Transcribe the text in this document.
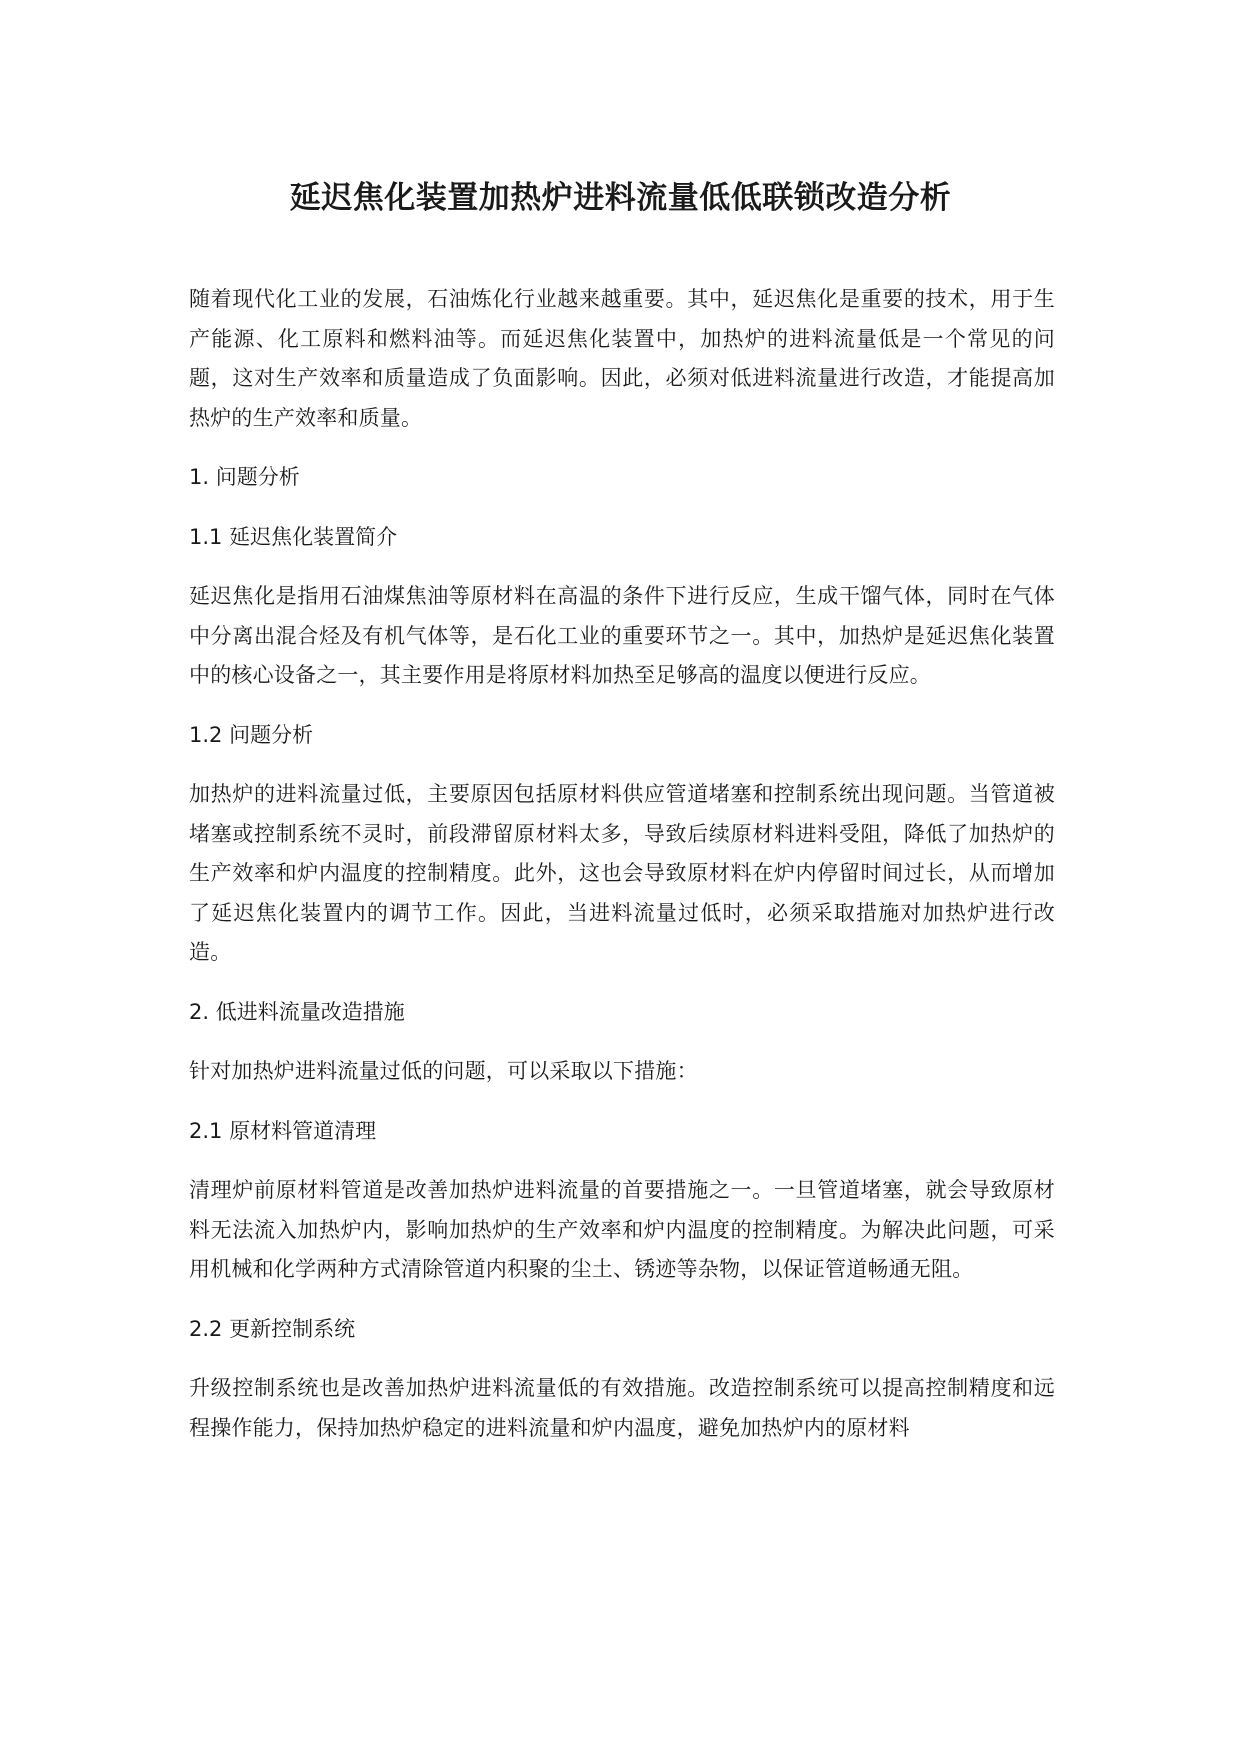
延迟焦化装置加热炉进料流量低低联锁改造分析

随着现代化工业的发展，石油炼化行业越来越重要。其中，延迟焦化是重要的技术，用于生产能源、化工原料和燃料油等。而延迟焦化装置中，加热炉的进料流量低是一个常见的问题，这对生产效率和质量造成了负面影响。因此，必须对低进料流量进行改造，才能提高加热炉的生产效率和质量。

1. 问题分析

1.1 延迟焦化装置简介

延迟焦化是指用石油煤焦油等原材料在高温的条件下进行反应，生成干馏气体，同时在气体中分离出混合烃及有机气体等，是石化工业的重要环节之一。其中，加热炉是延迟焦化装置中的核心设备之一，其主要作用是将原材料加热至足够高的温度以便进行反应。

1.2 问题分析

加热炉的进料流量过低，主要原因包括原材料供应管道堵塞和控制系统出现问题。当管道被堵塞或控制系统不灵时，前段滞留原材料太多，导致后续原材料进料受阻，降低了加热炉的生产效率和炉内温度的控制精度。此外，这也会导致原材料在炉内停留时间过长，从而增加了延迟焦化装置内的调节工作。因此，当进料流量过低时，必须采取措施对加热炉进行改造。

2. 低进料流量改造措施

针对加热炉进料流量过低的问题，可以采取以下措施：

2.1 原材料管道清理

清理炉前原材料管道是改善加热炉进料流量的首要措施之一。一旦管道堵塞，就会导致原材料无法流入加热炉内，影响加热炉的生产效率和炉内温度的控制精度。为解决此问题，可采用机械和化学两种方式清除管道内积聚的尘土、锈迹等杂物，以保证管道畅通无阻。

2.2 更新控制系统

升级控制系统也是改善加热炉进料流量低的有效措施。改造控制系统可以提高控制精度和远程操作能力，保持加热炉稳定的进料流量和炉内温度，避免加热炉内的原材料
